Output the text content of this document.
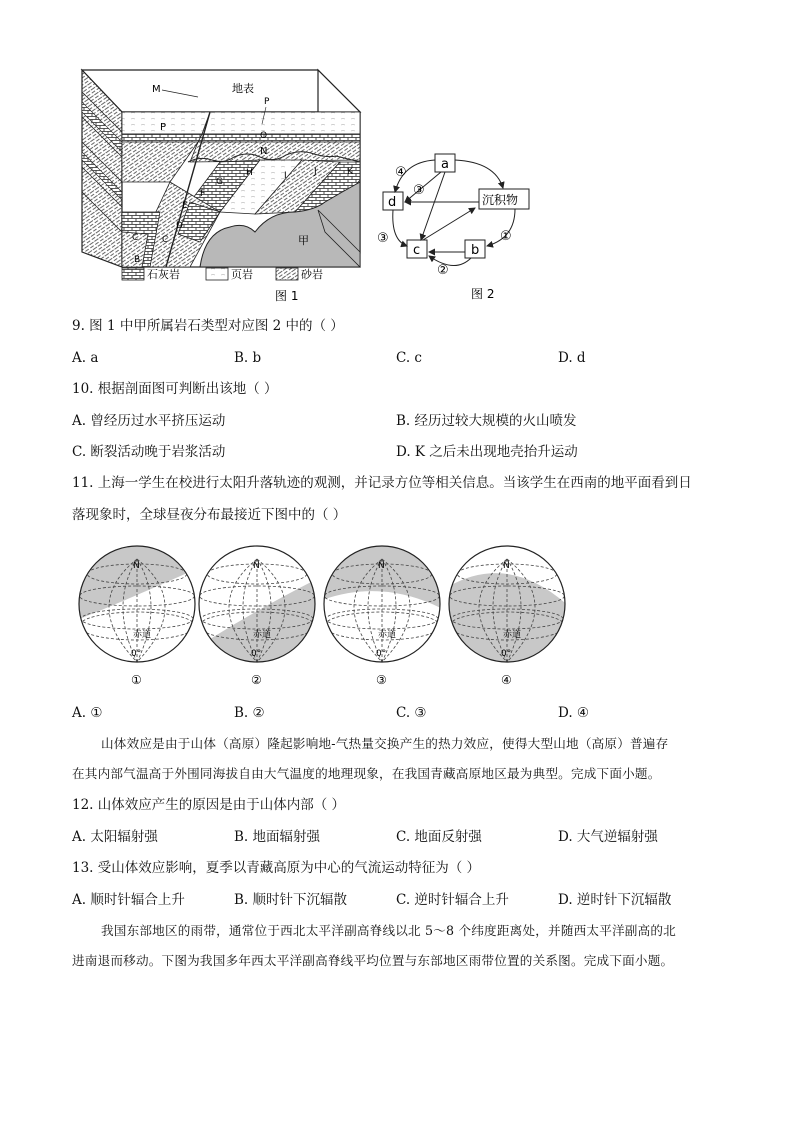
M	地表
P
O
P
N
K
J
I
H
G
F
E
D
C	C
B
甲
石灰岩	页岩	砂岩
图 1
a
d	沉积物
c	b
④
③
③	①
②
图 2
9. 图 1 中甲所属岩石类型对应图 2 中的（ ）
A. a	B. b	C. c	D. d
10. 根据剖面图可判断出该地（ ）
A. 曾经历过水平挤压运动	B. 经历过较大规模的火山喷发
C. 断裂活动晚于岩浆活动	D. K 之后未出现地壳抬升运动
11. 上海一学生在校进行太阳升落轨迹的观测，并记录方位等相关信息。当该学生在西南的地平面看到日
落现象时，全球昼夜分布最接近下图中的（ ）
N
赤道
0°
①
N
赤道
0°
②
N
赤道
0°
③
N
赤道
0°
④
A. ①	B. ②	C. ③	D. ④
山体效应是由于山体（高原）隆起影响地-气热量交换产生的热力效应，使得大型山地（高原）普遍存
在其内部气温高于外围同海拔自由大气温度的地理现象，在我国青藏高原地区最为典型。完成下面小题。
12. 山体效应产生的原因是由于山体内部（ ）
A. 太阳辐射强	B. 地面辐射强	C. 地面反射强	D. 大气逆辐射强
13. 受山体效应影响，夏季以青藏高原为中心的气流运动特征为（ ）
A. 顺时针辐合上升	B. 顺时针下沉辐散	C. 逆时针辐合上升	D. 逆时针下沉辐散
我国东部地区的雨带，通常位于西北太平洋副高脊线以北 5～8 个纬度距离处，并随西太平洋副高的北
进南退而移动。下图为我国多年西太平洋副高脊线平均位置与东部地区雨带位置的关系图。完成下面小题。
